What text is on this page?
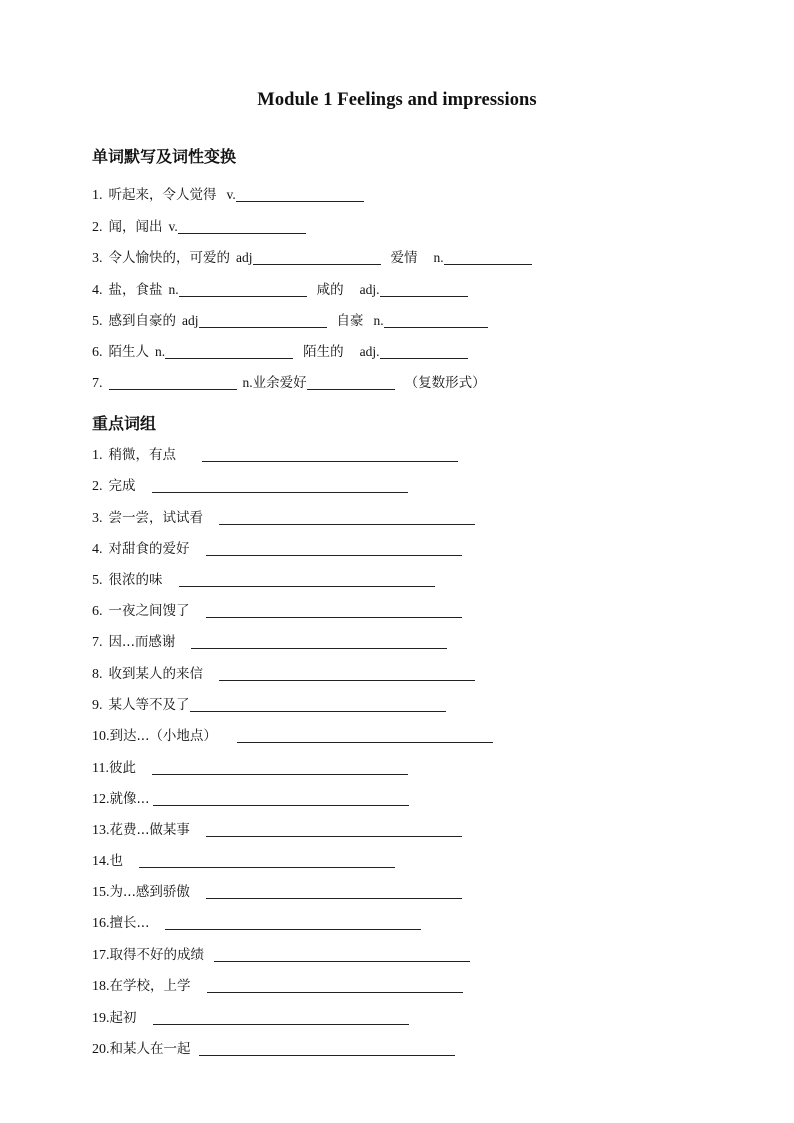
Module 1 Feelings and impressions
单词默写及词性变换
1. 听起来，令人觉得 v.
2. 闻，闻出 v.
3. 令人愉快的，可爱的 adj	爱情 n.
4. 盐，食盐 n.	咸的 adj.
5. 感到自豪的 adj	自豪 n.
6. 陌生人 n.	陌生的 adj.
7.	n.业余爱好	（复数形式）
重点词组
1. 稍微，有点
2. 完成
3. 尝一尝，试试看
4. 对甜食的爱好
5. 很浓的味
6. 一夜之间馊了
7. 因...而感谢
8. 收到某人的来信
9. 某人等不及了
10.到达...（小地点）
11.彼此
12.就像...
13.花费...做某事
14.也
15.为...感到骄傲
16.擅长...
17.取得不好的成绩
18.在学校，上学
19.起初
20.和某人在一起
